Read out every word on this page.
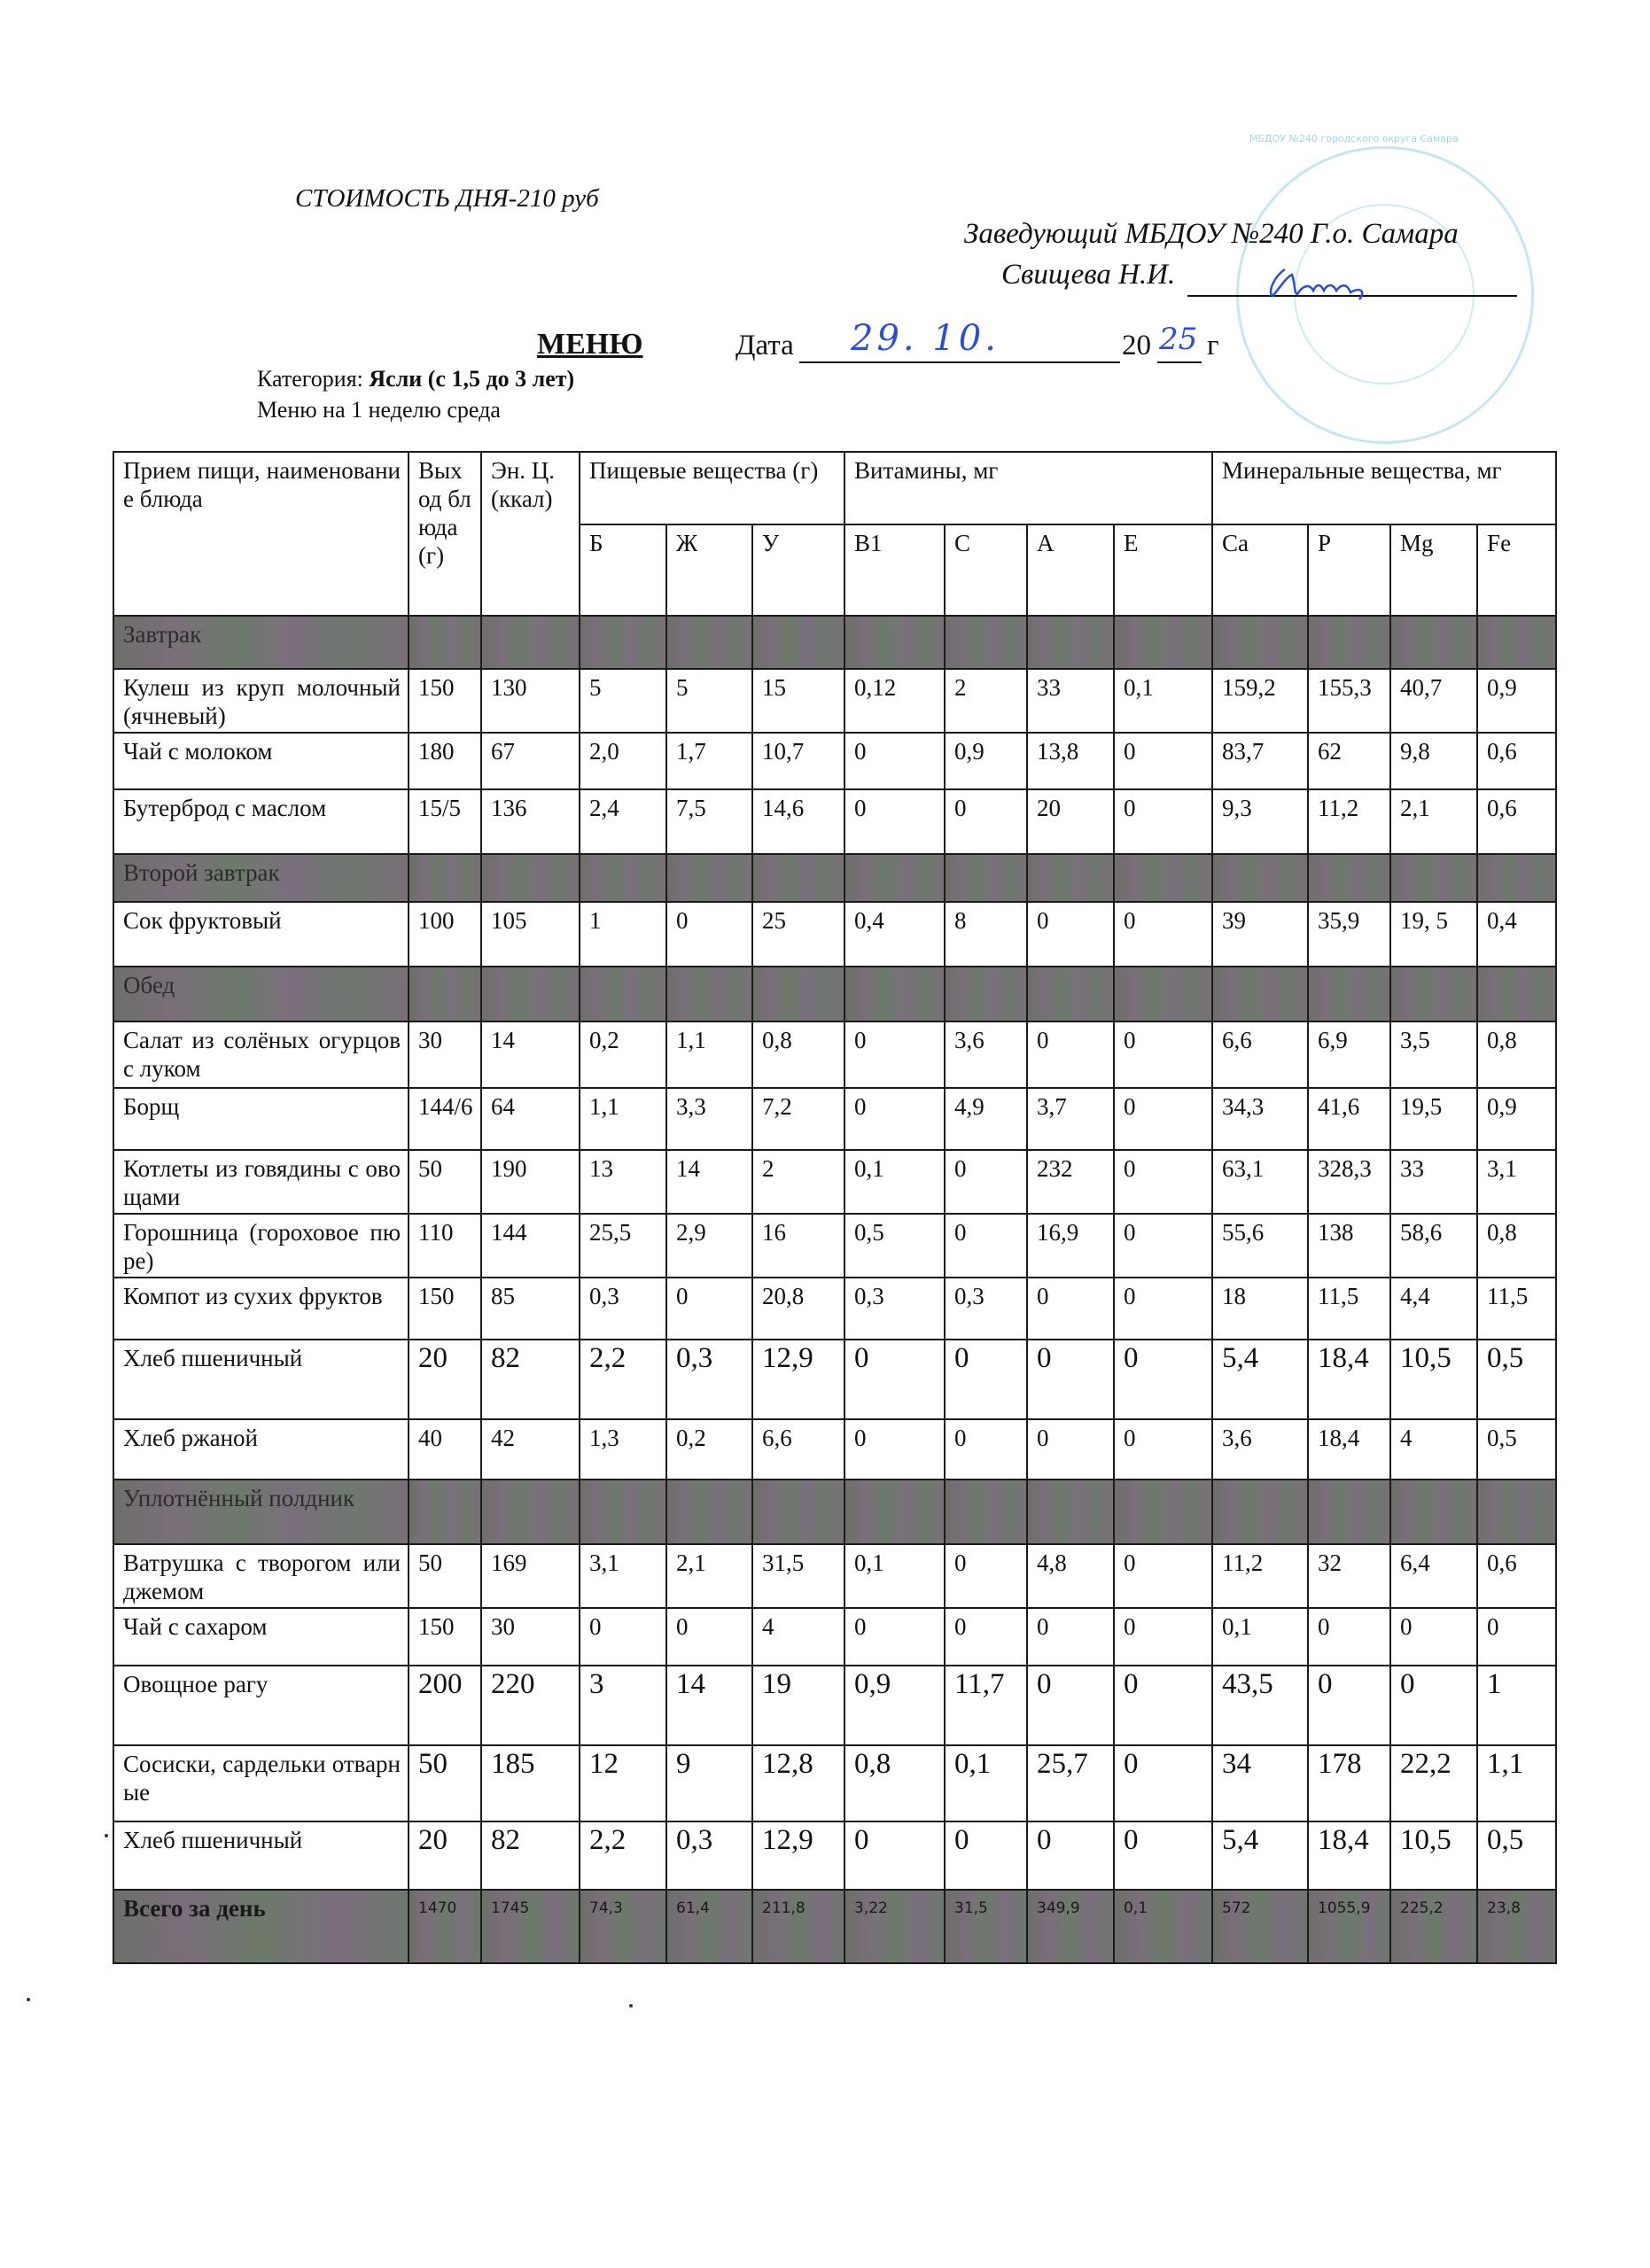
МБДОУ №240 городского округа Самара
СТОИМОСТЬ ДНЯ-210 руб
Заведующий МБДОУ №240 Г.о. Самара
Свищева Н.И.
МЕНЮ	Дата 29. 10.	20 25 г
Категория: Ясли (с 1,5 до 3 лет)
Меню на 1 неделю среда
Прием пищи, наименование блюда	Выход блюда (г)	Эн. Ц. (ккал)	Пищевые вещества (г)			Витамины, мг				Минеральные вещества, мг			
			Б	Ж	У	B1	C	A	E	Ca	P	Mg	Fe
Завтрак													
Кулеш из круп молочный (ячневый)	150	130	5	5	15	0,12	2	33	0,1	159,2	155,3	40,7	0,9
Чай с молоком	180	67	2,0	1,7	10,7	0	0,9	13,8	0	83,7	62	9,8	0,6
Бутерброд с маслом	15/5	136	2,4	7,5	14,6	0	0	20	0	9,3	11,2	2,1	0,6
Второй завтрак													
Сок фруктовый	100	105	1	0	25	0,4	8	0	0	39	35,9	19, 5	0,4
Обед													
Салат из солёных огурцов с луком	30	14	0,2	1,1	0,8	0	3,6	0	0	6,6	6,9	3,5	0,8
Борщ	144/6	64	1,1	3,3	7,2	0	4,9	3,7	0	34,3	41,6	19,5	0,9
Котлеты из говядины с овощами	50	190	13	14	2	0,1	0	232	0	63,1	328,3	33	3,1
Горошница (гороховое пюре)	110	144	25,5	2,9	16	0,5	0	16,9	0	55,6	138	58,6	0,8
Компот из сухих фруктов	150	85	0,3	0	20,8	0,3	0,3	0	0	18	11,5	4,4	11,5
Хлеб пшеничный	20	82	2,2	0,3	12,9	0	0	0	0	5,4	18,4	10,5	0,5
Хлеб ржаной	40	42	1,3	0,2	6,6	0	0	0	0	3,6	18,4	4	0,5
Уплотнённый полдник													
Ватрушка с творогом или джемом	50	169	3,1	2,1	31,5	0,1	0	4,8	0	11,2	32	6,4	0,6
Чай с сахаром	150	30	0	0	4	0	0	0	0	0,1	0	0	0
Овощное рагу	200	220	3	14	19	0,9	11,7	0	0	43,5	0	0	1
Сосиски, сардельки отварные	50	185	12	9	12,8	0,8	0,1	25,7	0	34	178	22,2	1,1
Хлеб пшеничный	20	82	2,2	0,3	12,9	0	0	0	0	5,4	18,4	10,5	0,5
Всего за день	1470	1745	74,3	61,4	211,8	3,22	31,5	349,9	0,1	572	1055,9	225,2	23,8
